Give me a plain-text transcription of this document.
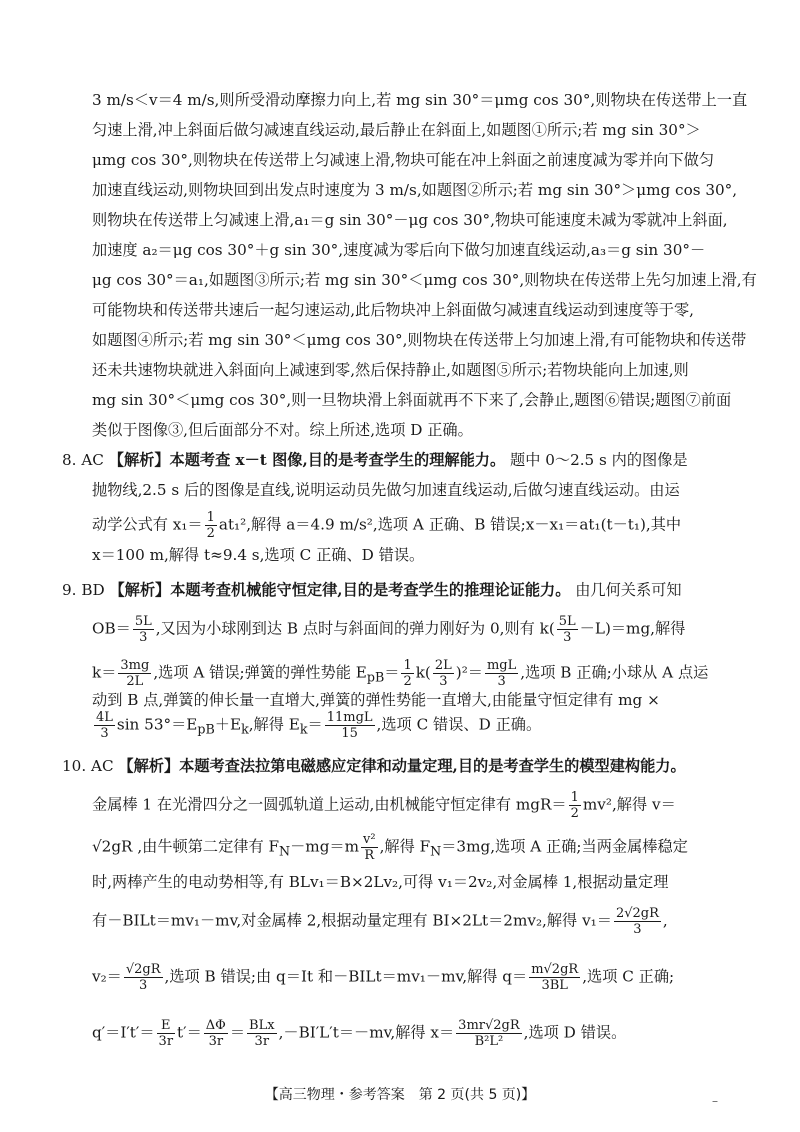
3 m/s＜v＝4 m/s,则所受滑动摩擦力向上,若 mg sin 30°＝μmg cos 30°,则物块在传送带上一直
匀速上滑,冲上斜面后做匀减速直线运动,最后静止在斜面上,如题图①所示;若 mg sin 30°＞
μmg cos 30°,则物块在传送带上匀减速上滑,物块可能在冲上斜面之前速度减为零并向下做匀
加速直线运动,则物块回到出发点时速度为 3 m/s,如题图②所示;若 mg sin 30°＞μmg cos 30°,
则物块在传送带上匀减速上滑,a₁＝g sin 30°－μg cos 30°,物块可能速度未减为零就冲上斜面,
加速度 a₂＝μg cos 30°＋g sin 30°,速度减为零后向下做匀加速直线运动,a₃＝g sin 30°－
μg cos 30°＝a₁,如题图③所示;若 mg sin 30°＜μmg cos 30°,则物块在传送带上先匀加速上滑,有
可能物块和传送带共速后一起匀速运动,此后物块冲上斜面做匀减速直线运动到速度等于零,
如题图④所示;若 mg sin 30°＜μmg cos 30°,则物块在传送带上匀加速上滑,有可能物块和传送带
还未共速物块就进入斜面向上减速到零,然后保持静止,如题图⑤所示;若物块能向上加速,则
mg sin 30°＜μmg cos 30°,则一旦物块滑上斜面就再不下来了,会静止,题图⑥错误;题图⑦前面
类似于图像③,但后面部分不对。综上所述,选项 D 正确。
8. AC 【解析】本题考查 x－t 图像,目的是考查学生的理解能力。 题中 0～2.5 s 内的图像是
抛物线,2.5 s 后的图像是直线,说明运动员先做匀加速直线运动,后做匀速直线运动。由运
动学公式有 $x_1= \frac{1}{2} at_1^2$,解得 a＝4.9 m/s²,选项 A 正确、B 错误;x－x₁＝at₁(t－t₁),其中
x＝100 m,解得 t≈9.4 s,选项 C 正确、D 错误。
9. BD 【解析】本题考查机械能守恒定律,目的是考查学生的推理论证能力。 由几何关系可知
$OB= \frac{5L}{3}$ ,又因为小球刚到达 B 点时与斜面间的弹力刚好为 0,则有 $k( \frac{5L}{3} -L)=mg$,解得
$k= \frac{3mg}{2L}$ ,选项 A 错误;弹簧的弹性势能 $E_{pB}= \frac{1}{2} k( \frac{2L}{3} )^2= \frac{\text{mgL}}{3}$ ,选项 B 正确;小球从 A 点运
动到 B 点,弹簧的伸长量一直增大,弹簧的弹性势能一直增大,由能量守恒定律有 mg ×
$\frac{4L}{3}$ $\sin 53^\circ=E_{pB}+E_k$,解得 $E_k= \frac{\text{11mgL}}{15}$ ,选项 C 错误、D 正确。
10. AC 【解析】本题考查法拉第电磁感应定律和动量定理,目的是考查学生的模型建构能力。
金属棒 1 在光滑四分之一圆弧轨道上运动,由机械能守恒定律有 $mgR= \frac{1}{2} mv^2$,解得 v＝
√2gR ,由牛顿第二定律有 $F_N-mg=m \frac{\text{v²}}{R}$ ,解得 $F_N=3mg$,选项 A 正确;当两金属棒稳定
时,两棒产生的电动势相等,有 BLv₁＝B×2Lv₂,可得 v₁＝2v₂,对金属棒 1,根据动量定理
有－BILt＝mv₁－mv,对金属棒 2,根据动量定理有 BI×2Lt＝2mv₂,解得 $v_1= \frac{2√2gR}{3}$ ,
$v_2= \frac{√2gR}{3}$ ,选项 B 错误;由 q＝It 和－BILt＝mv₁－mv,解得 $q= \frac{m√2gR}{3BL}$ ,选项 C 正确;
$q'=I't'= \frac{E}{3r} t'= \frac{\Delta\Phi}{3r} = \frac{\text{BLx}}{3r} ,-BI'L't=-mv$,解得 $x= \frac{3mr√2gR}{\text{B²L²}}$ ,选项 D 错误。
【高三物理・参考答案　第 2 页(共 5 页)】	–
